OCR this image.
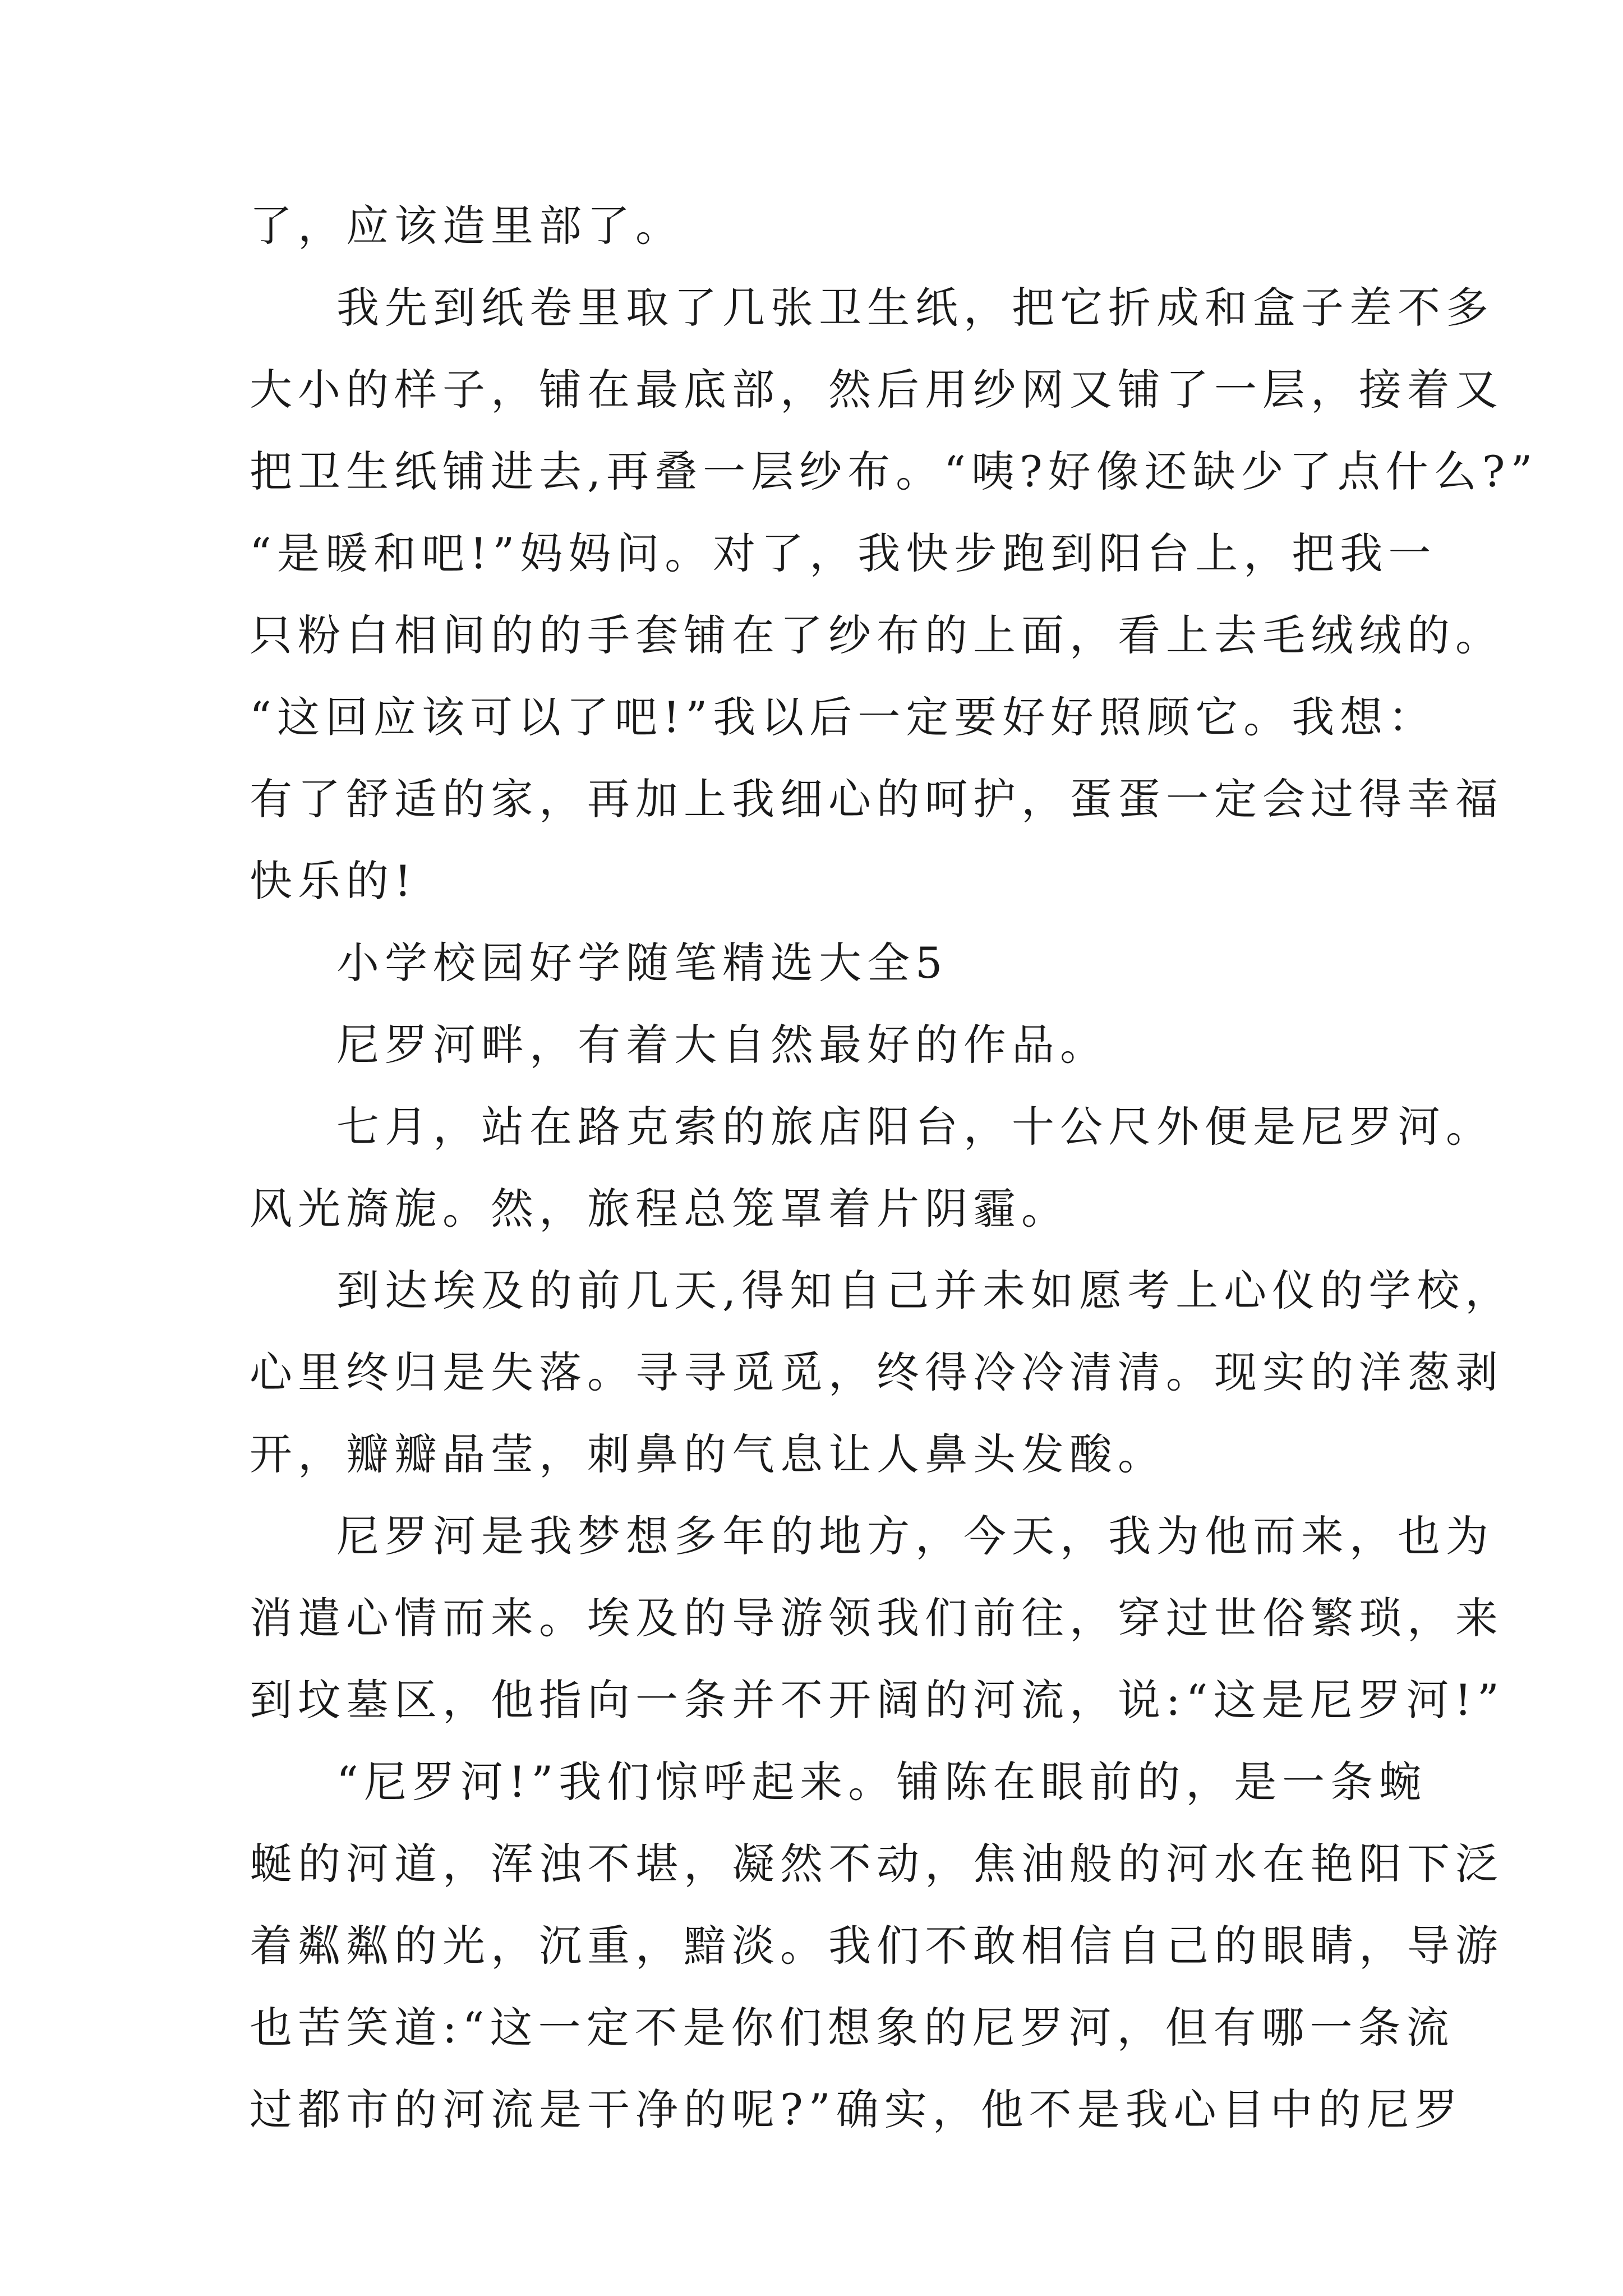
了，应该造里部了。
我先到纸卷里取了几张卫生纸，把它折成和盒子差不多
大小的样子，铺在最底部，然后用纱网又铺了一层，接着又
把卫生纸铺进去,再叠一层纱布。“咦?好像还缺少了点什么?”
“是暖和吧!”妈妈问。对了，我快步跑到阳台上，把我一
只粉白相间的的手套铺在了纱布的上面，看上去毛绒绒的。
“这回应该可以了吧!”我以后一定要好好照顾它。我想：
有了舒适的家，再加上我细心的呵护，蛋蛋一定会过得幸福
快乐的!
小学校园好学随笔精选大全5
尼罗河畔，有着大自然最好的作品。
七月，站在路克索的旅店阳台，十公尺外便是尼罗河。
风光旖旎。然，旅程总笼罩着片阴霾。
到达埃及的前几天,得知自己并未如愿考上心仪的学校，
心里终归是失落。寻寻觅觅，终得冷冷清清。现实的洋葱剥
开，瓣瓣晶莹，刺鼻的气息让人鼻头发酸。
尼罗河是我梦想多年的地方，今天，我为他而来，也为
消遣心情而来。埃及的导游领我们前往，穿过世俗繁琐，来
到坟墓区，他指向一条并不开阔的河流，说:“这是尼罗河!”
“尼罗河!”我们惊呼起来。铺陈在眼前的，是一条蜿
蜒的河道，浑浊不堪，凝然不动，焦油般的河水在艳阳下泛
着粼粼的光，沉重，黯淡。我们不敢相信自己的眼睛，导游
也苦笑道:“这一定不是你们想象的尼罗河，但有哪一条流
过都市的河流是干净的呢?”确实，他不是我心目中的尼罗
